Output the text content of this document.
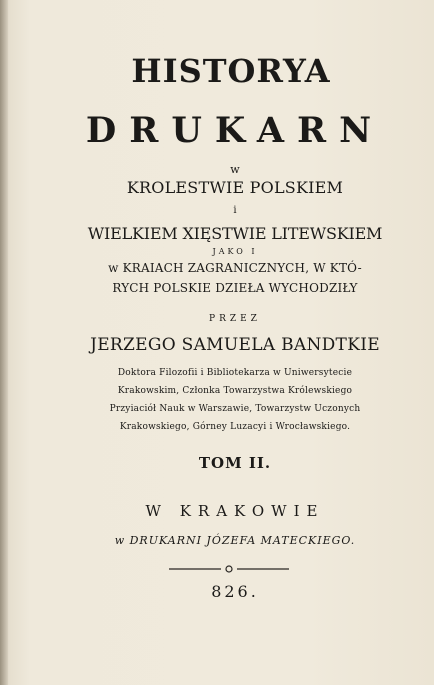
HISTORYA

DRUKARN

w

KROLESTWIE POLSKIEM

i

WIELKIEM XIĘSTWIE LITEWSKIEM

JAKO I

w KRAIACH ZAGRANICZNYCH, W KTÓ-

RYCH POLSKIE DZIEŁA WYCHODZIŁY

PRZEZ

JERZEGO SAMUELA BANDTKIE

Doktora Filozofii i Bibliotekarza w Uniwersytecie

Krakowskim, Członka Towarzystwa Królewskiego

Przyiaciół Nauk w Warszawie, Towarzystw Uczonych

Krakowskiego, Górney Luzacyi i Wrocławskiego.

TOM II.

W KRAKOWIE

w DRUKARNI JÓZEFA MATECKIEGO.

826.
